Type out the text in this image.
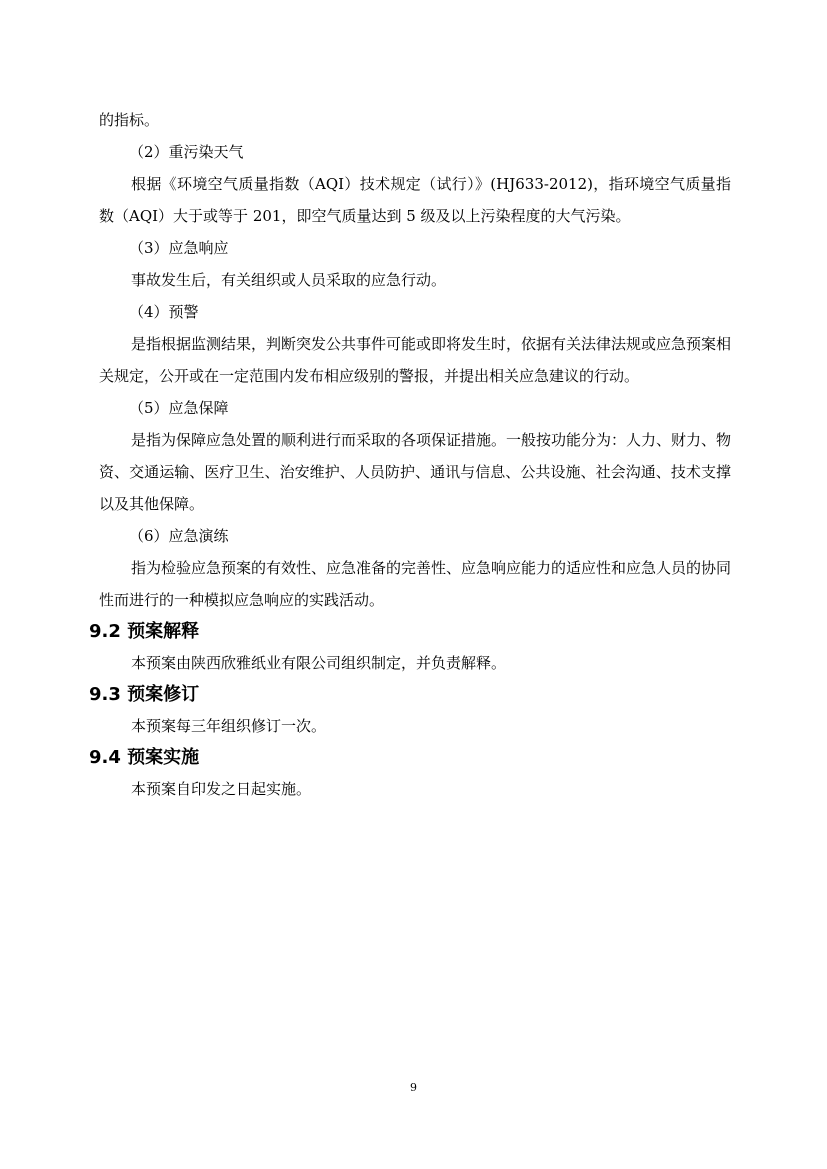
的指标。

（2）重污染天气

根据《环境空气质量指数（AQI）技术规定（试行）》(HJ633-2012)，指环境空气质量指数（AQI）大于或等于 201，即空气质量达到 5 级及以上污染程度的大气污染。

（3）应急响应

事故发生后，有关组织或人员采取的应急行动。

（4）预警

是指根据监测结果，判断突发公共事件可能或即将发生时，依据有关法律法规或应急预案相关规定，公开或在一定范围内发布相应级别的警报，并提出相关应急建议的行动。

（5）应急保障

是指为保障应急处置的顺利进行而采取的各项保证措施。一般按功能分为：人力、财力、物资、交通运输、医疗卫生、治安维护、人员防护、通讯与信息、公共设施、社会沟通、技术支撑以及其他保障。

（6）应急演练

指为检验应急预案的有效性、应急准备的完善性、应急响应能力的适应性和应急人员的协同性而进行的一种模拟应急响应的实践活动。

9.2 预案解释

本预案由陕西欣雅纸业有限公司组织制定，并负责解释。

9.3 预案修订

本预案每三年组织修订一次。

9.4 预案实施

本预案自印发之日起实施。

9
